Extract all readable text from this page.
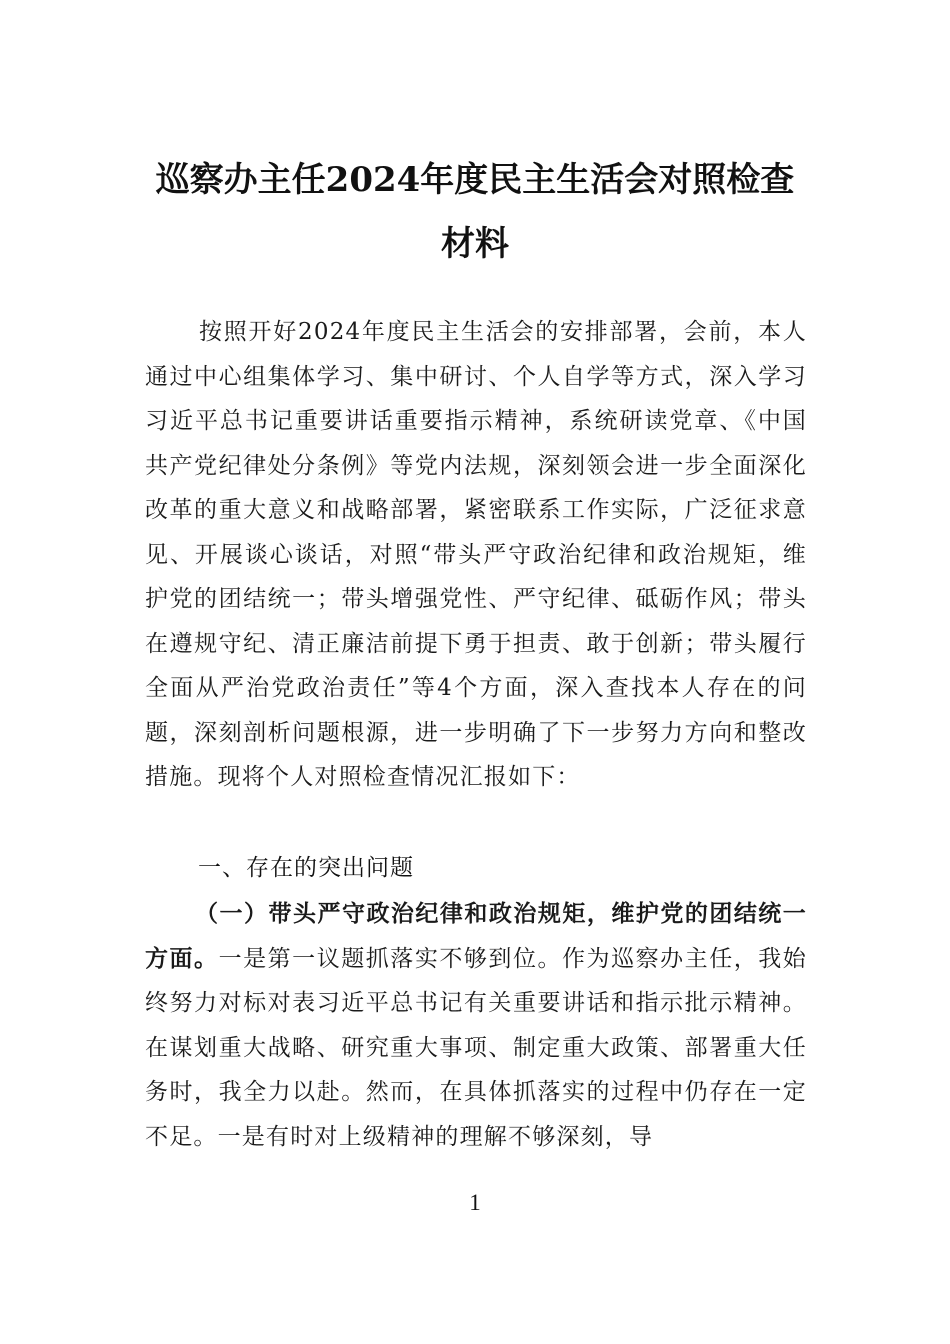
巡察办主任2024年度民主生活会对照检查材料
按照开好2024年度民主生活会的安排部署，会前，本人通过中心组集体学习、集中研讨、个人自学等方式，深入学习习近平总书记重要讲话重要指示精神，系统研读党章、《中国共产党纪律处分条例》等党内法规，深刻领会进一步全面深化改革的重大意义和战略部署，紧密联系工作实际，广泛征求意见、开展谈心谈话，对照“带头严守政治纪律和政治规矩，维护党的团结统一；带头增强党性、严守纪律、砥砺作风；带头在遵规守纪、清正廉洁前提下勇于担责、敢于创新；带头履行全面从严治党政治责任”等4个方面，深入查找本人存在的问题，深刻剖析问题根源，进一步明确了下一步努力方向和整改措施。现将个人对照检查情况汇报如下：
一、存在的突出问题
（一）带头严守政治纪律和政治规矩，维护党的团结统一方面。一是第一议题抓落实不够到位。作为巡察办主任，我始终努力对标对表习近平总书记有关重要讲话和指示批示精神。在谋划重大战略、研究重大事项、制定重大政策、部署重大任务时，我全力以赴。然而，在具体抓落实的过程中仍存在一定不足。一是有时对上级精神的理解不够深刻，导
1
